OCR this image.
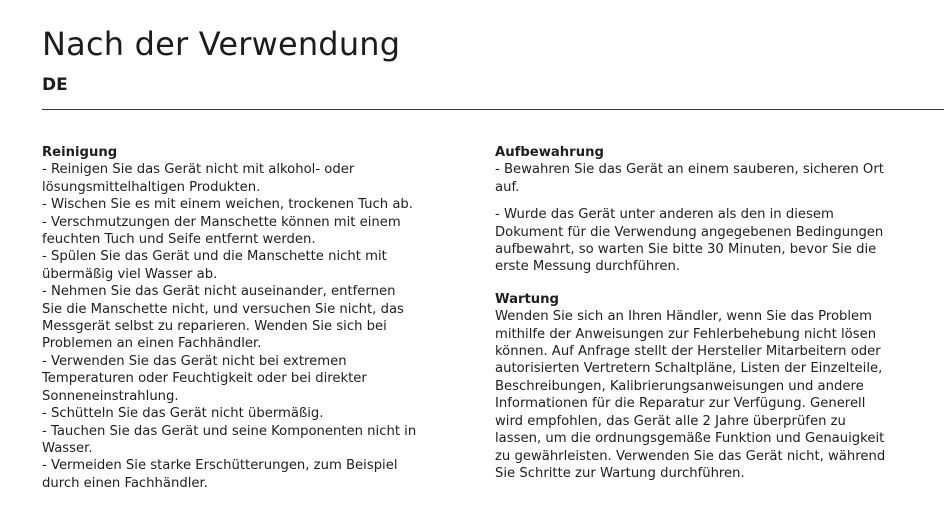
Nach der Verwendung
DE

Reinigung

- Reinigen Sie das Gerät nicht mit alkohol- oder

lösungsmittelhaltigen Produkten.

- Wischen Sie es mit einem weichen, trockenen Tuch ab.

- Verschmutzungen der Manschette können mit einem

feuchten Tuch und Seife entfernt werden.

- Spülen Sie das Gerät und die Manschette nicht mit

übermäßig viel Wasser ab.

- Nehmen Sie das Gerät nicht auseinander, entfernen

Sie die Manschette nicht, und versuchen Sie nicht, das

Messgerät selbst zu reparieren. Wenden Sie sich bei

Problemen an einen Fachhändler.

- Verwenden Sie das Gerät nicht bei extremen

Temperaturen oder Feuchtigkeit oder bei direkter

Sonneneinstrahlung.

- Schütteln Sie das Gerät nicht übermäßig.

- Tauchen Sie das Gerät und seine Komponenten nicht in

Wasser.

- Vermeiden Sie starke Erschütterungen, zum Beispiel

durch einen Fachhändler.

Aufbewahrung

- Bewahren Sie das Gerät an einem sauberen, sicheren Ort

auf.

- Wurde das Gerät unter anderen als den in diesem

Dokument für die Verwendung angegebenen Bedingungen

aufbewahrt, so warten Sie bitte 30 Minuten, bevor Sie die

erste Messung durchführen.

Wartung

Wenden Sie sich an Ihren Händler, wenn Sie das Problem

mithilfe der Anweisungen zur Fehlerbehebung nicht lösen

können. Auf Anfrage stellt der Hersteller Mitarbeitern oder

autorisierten Vertretern Schaltpläne, Listen der Einzelteile,

Beschreibungen, Kalibrierungsanweisungen und andere

Informationen für die Reparatur zur Verfügung. Generell

wird empfohlen, das Gerät alle 2 Jahre überprüfen zu

lassen, um die ordnungsgemäße Funktion und Genauigkeit

zu gewährleisten. Verwenden Sie das Gerät nicht, während

Sie Schritte zur Wartung durchführen.
